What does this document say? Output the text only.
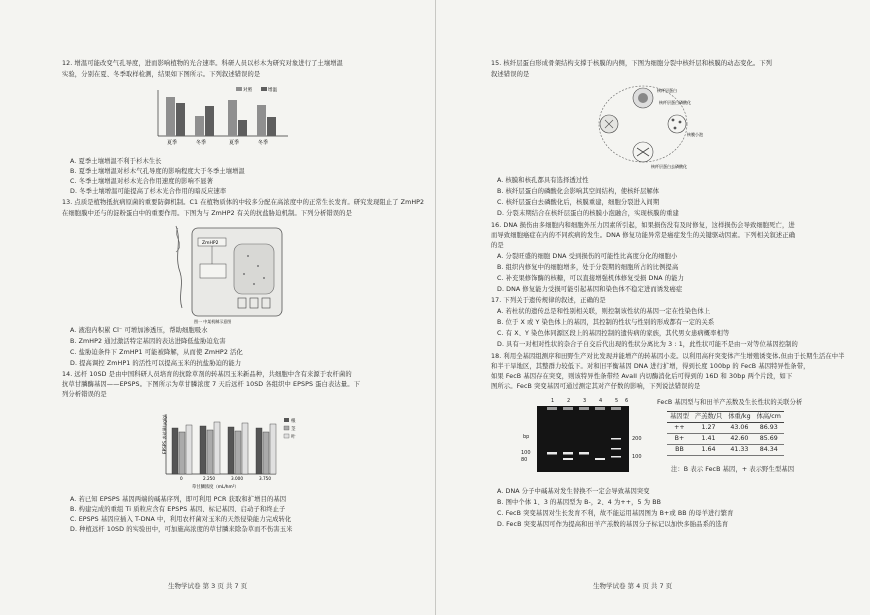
12. 增温可能改变气孔导度，进而影响植物的光合速率。科研人员以杉木为研究对象进行了土壤增温
实验，分别在夏、冬季取样检测，结果如下图所示。下列叙述错误的是
对照	增温
夏季	冬季	夏季	冬季
A. 夏季土壤增温不利于杉木生长
B. 夏季土壤增温对杉木气孔导度的影响程度大于冬季土壤增温
C. 冬季土壤增温对杉木光合作用速度的影响不显著
D. 冬季土壤增温可能提高了杉木光合作用的暗反应速率
13. 点质是植物抵抗病原菌的重要防御机制。C1 在植物质体的中较多分配在高浓度中的正常生长发育。研究发现阻止了 ZmHP2
在细胞膜中还与的淀粉蛋白中的重要作用。下图为与 ZmHP2 有关的抗盐胁迫机制。下列分析错误的是
ZmHP2
图一 中某机制示意图
A. 液泡内积累 Cl⁻ 可增加渗透压，帮助细胞吸水
B. ZmHP2 通过激活特定基因的表达进降低盐胁迫危害
C. 盐胁迫条件下 ZmHP1 可能被降解，从而使 ZmHP2 活化
D. 提高调控 ZmHP1 的活性可以提高玉米的抗盐胁迫的能力
14. 远杆 10SD 是由中国科研人员培育的抗除草剂的转基因玉米新品种，共细胞中含有来源于农杆菌的
抗草甘膦酶基因——EPSPS。下图所示为草甘膦浓度 7 天后远杆 10SD 各组织中 EPSPS 蛋白表达量。下
列分析错误的是
EPSPS 表达量(μg/g)	根
茎
叶
0	2.250	3.000	3.750
草甘膦浓度（mL/hm²）
A. 若已知 EPSPS 基因两端的碱基序列，即可利用 PCR 获取和扩增目的基因
B. 构建完成的重组 Ti 质粒应含有 EPSPS 基因、标记基因、启动子和终止子
C. EPSPS 基因应插入 T-DNA 中，利用农杆菌对玉米的天然侵染能力完成转化
D. 种植远杆 10SD 的实验田中，可加施高浓度的草甘膦来除杂草而不伤害玉米
生物学试卷 第 3 页 共 7 页
15. 核纤层蛋白形成骨架结构支撑于核膜的内侧，下图为细胞分裂中核纤层和核膜的动态变化。下列
叙述错误的是
核纤层蛋白
核纤层蛋白磷酸化
核膜小泡
核纤层蛋白去磷酸化
A. 核膜和核孔都具有选择透过性
B. 核纤层蛋白的磷酸化会影响其空间结构，使核纤层解体
C. 核纤层蛋白去磷酸化后，核膜重建，细胞分裂进入间期
D. 分裂末期结合在核纤层蛋白的核膜小泡融合，实现核膜的重建
16. DNA 损伤由多细胞内和细胞外压力因素所引起，如果损伤没有及时修复，这样损伤会导致细胞死亡，进
而导致细胞癌症在内的不同疾病的发生。DNA 修复功能异常是癌症发生的关键驱动因素。下列相关叙述正确
的是
A. 分裂旺盛的细胞 DNA 受到损伤的可能性比高度分化的细胞小
B. 组织内修复中的细胞增多，处于分裂期的细胞所占的比例提高
C. 补充果修饰酶的核糖，可以直接增强机体修复受损 DNA 的能力
D. DNA 修复能力受损可能引起基因和染色体不稳定进而诱发癌症
17. 下列关于遗传规律的叙述，正确的是
A. 若杜状的遗传总是和性别相关联，则控制该性状的基因一定在性染色体上
B. 位于 X 或 Y 染色体上的基因，其控制的性状与性别的形成都有一定的关系
C. 有 X、Y 染色体同源区段上的基因控制的遗传病的家族，其代男女患病概率相等
D. 具有一对相对性状的杂合子自交后代出现的性状分离比为 3 : 1，此性状可能不是由一对等位基因控制的
18. 利用全基因组测序和田野生产对比发现并能增产的转基因小麦。以利用高秆突变体产生增殖诱变体,但由于长期生活在中半
和半干旱地区，其整群力较低下。对和旧平衡基因 DNA 进行扩增，得到长度 100bp 的 FecB 基因特异性条带，
如果 FecB 基因存在突变，则该特异性条带经 AvaII 内切酶消化后可得到的 16D 和 30bp 两个片段，如下
图所示。FecB 突变基因可通过测定其对产仔数的影响，下列说法错误的是
1	2	3	4	5 6
bp
100
80
200
100
FecB 基因型与和田羊产羔数及生长性状的关联分析
基因型	产羔数/只	体重/kg	体高/cm
++	1.27	43.06	86.93
B+	1.41	42.60	85.69
BB	1.64	41.33	84.34
注：B 表示 FecB 基因，+ 表示野生型基因
A. DNA 分子中碱基对发生替换不一定会导致基因突变
B. 图中个体 1、3 的基因型为 B-，2、4 为++，5 为 BB
C. FecB 突变基因对生长发育不利，故不能运用基因图为 B+或 BB 的母羊进行繁育
D. FecB 突变基因可作为提高和田羊产羔数的基因分子标记以加快多胎品系的选育
生物学试卷 第 4 页 共 7 页
